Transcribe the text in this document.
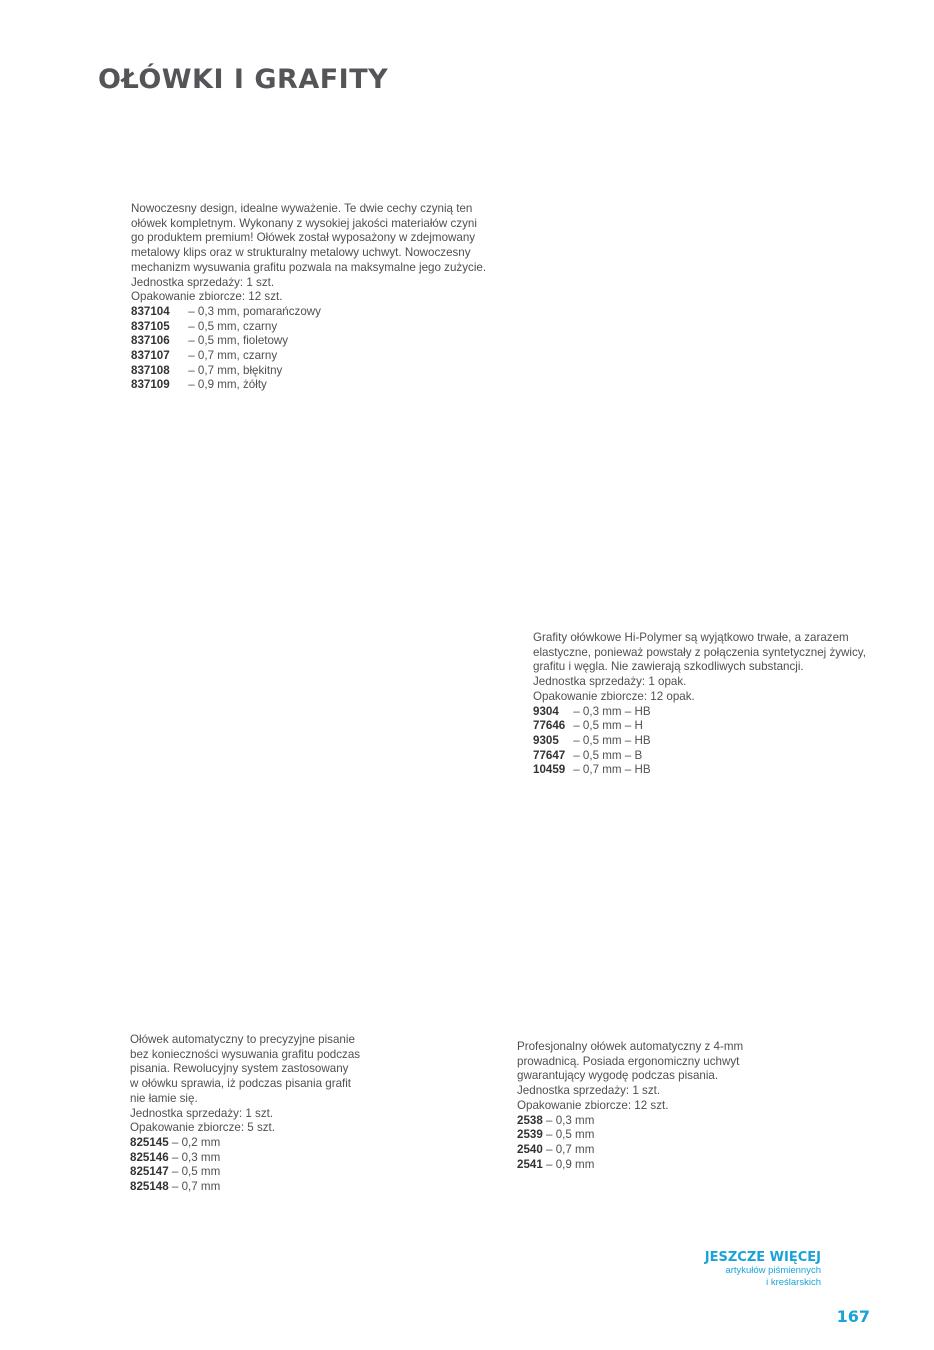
OŁÓWKI I GRAFITY

Nowoczesny design, idealne wyważenie. Te dwie cechy czynią ten
ołówek kompletnym. Wykonany z wysokiej jakości materiałów czyni
go produktem premium! Ołówek został wyposażony w zdejmowany
metalowy klips oraz w strukturalny metalowy uchwyt. Nowoczesny
mechanizm wysuwania grafitu pozwala na maksymalne jego zużycie.

Jednostka sprzedaży: 1 szt.
Opakowanie zbiorcze: 12 szt.
837104 – 0,3 mm, pomarańczowy
837105 – 0,5 mm, czarny
837106 – 0,5 mm, fioletowy
837107 – 0,7 mm, czarny
837108 – 0,7 mm, błękitny
837109 – 0,9 mm, żółty

Grafity ołówkowe Hi-Polymer są wyjątkowo trwałe, a zarazem
elastyczne, ponieważ powstały z połączenia syntetycznej żywicy,
grafitu i węgla. Nie zawierają szkodliwych substancji.

Jednostka sprzedaży: 1 opak.
Opakowanie zbiorcze: 12 opak.
9304 – 0,3 mm – HB
77646 – 0,5 mm – H
9305 – 0,5 mm – HB
77647 – 0,5 mm – B
10459 – 0,7 mm – HB

Ołówek automatyczny to precyzyjne pisanie
bez konieczności wysuwania grafitu podczas
pisania. Rewolucyjny system zastosowany
w ołówku sprawia, iż podczas pisania grafit
nie łamie się.

Jednostka sprzedaży: 1 szt.
Opakowanie zbiorcze: 5 szt.
825145 – 0,2 mm
825146 – 0,3 mm
825147 – 0,5 mm
825148 – 0,7 mm

Profesjonalny ołówek automatyczny z 4-mm
prowadnicą. Posiada ergonomiczny uchwyt
gwarantujący wygodę podczas pisania.

Jednostka sprzedaży: 1 szt.
Opakowanie zbiorcze: 12 szt.
2538 – 0,3 mm
2539 – 0,5 mm
2540 – 0,7 mm
2541 – 0,9 mm
JESZCZE WIĘCEJ
artykułów piśmiennych
i kreślarskich
167
